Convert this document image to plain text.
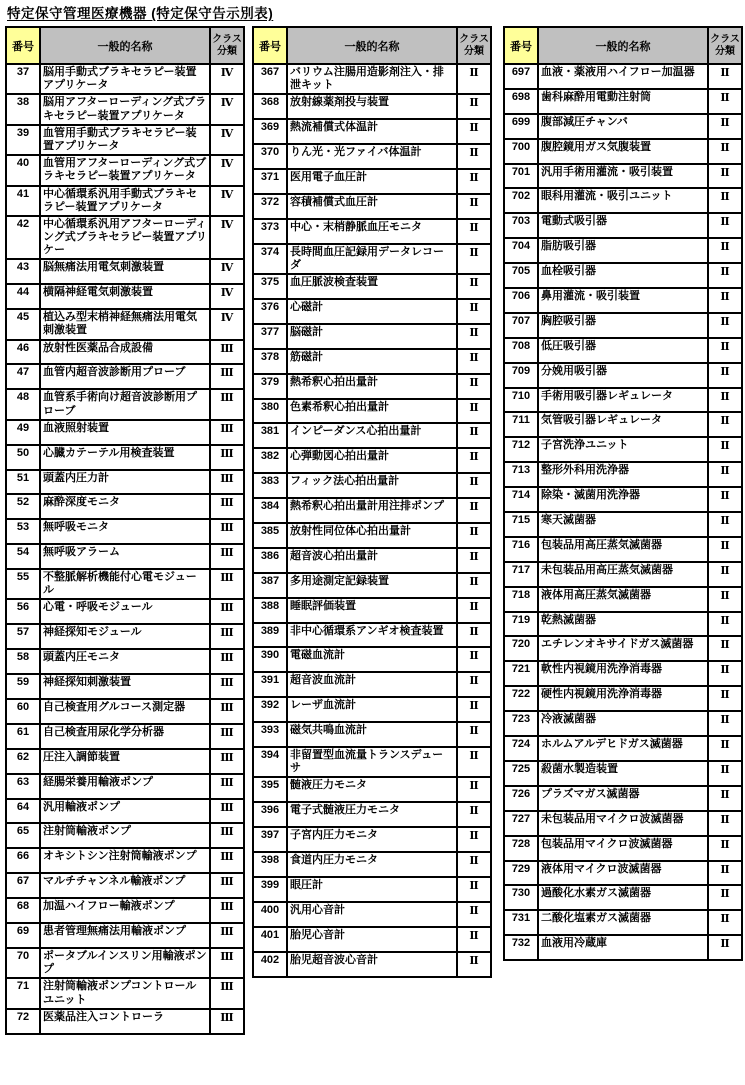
特定保守管理医療機器 (特定保守告示別表)
番号	一般的名称	クラス分類
37	脳用手動式ブラキセラピー装置アプリケータ	Ⅳ
38	脳用アフターローディング式ブラキセラピー装置アプリケータ	Ⅳ
39	血管用手動式ブラキセラピー装置アプリケータ	Ⅳ
40	血管用アフターローディング式ブラキセラピー装置アプリケータ	Ⅳ
41	中心循環系汎用手動式ブラキセラピー装置アプリケータ	Ⅳ
42	中心循環系汎用アフターローディング式ブラキセラピー装置アプリケー	Ⅳ
43	脳無痛法用電気刺激装置	Ⅳ
44	横隔神経電気刺激装置	Ⅳ
45	植込み型末梢神経無痛法用電気刺激装置	Ⅳ
46	放射性医薬品合成設備	Ⅲ
47	血管内超音波診断用プローブ	Ⅲ
48	血管系手術向け超音波診断用プローブ	Ⅲ
49	血液照射装置	Ⅲ
50	心臓カテーテル用検査装置	Ⅲ
51	頭蓋内圧力計	Ⅲ
52	麻酔深度モニタ	Ⅲ
53	無呼吸モニタ	Ⅲ
54	無呼吸アラーム	Ⅲ
55	不整脈解析機能付心電モジュール	Ⅲ
56	心電・呼吸モジュール	Ⅲ
57	神経探知モジュール	Ⅲ
58	頭蓋内圧モニタ	Ⅲ
59	神経探知刺激装置	Ⅲ
60	自己検査用グルコース測定器	Ⅲ
61	自己検査用尿化学分析器	Ⅲ
62	圧注入調節装置	Ⅲ
63	経腸栄養用輸液ポンプ	Ⅲ
64	汎用輸液ポンプ	Ⅲ
65	注射筒輸液ポンプ	Ⅲ
66	オキシトシン注射筒輸液ポンプ	Ⅲ
67	マルチチャンネル輸液ポンプ	Ⅲ
68	加温ハイフロー輸液ポンプ	Ⅲ
69	患者管理無痛法用輸液ポンプ	Ⅲ
70	ポータブルインスリン用輸液ポンプ	Ⅲ
71	注射筒輸液ポンプコントロールユニット	Ⅲ
72	医薬品注入コントローラ	Ⅲ
番号	一般的名称	クラス分類
367	バリウム注腸用造影剤注入・排泄キット	Ⅱ
368	放射線薬剤投与装置	Ⅱ
369	熱流補償式体温計	Ⅱ
370	りん光・光ファイバ体温計	Ⅱ
371	医用電子血圧計	Ⅱ
372	容積補償式血圧計	Ⅱ
373	中心・末梢静脈血圧モニタ	Ⅱ
374	長時間血圧記録用データレコーダ	Ⅱ
375	血圧脈波検査装置	Ⅱ
376	心磁計	Ⅱ
377	脳磁計	Ⅱ
378	筋磁計	Ⅱ
379	熱希釈心拍出量計	Ⅱ
380	色素希釈心拍出量計	Ⅱ
381	インピーダンス心拍出量計	Ⅱ
382	心弾動図心拍出量計	Ⅱ
383	フィック法心拍出量計	Ⅱ
384	熱希釈心拍出量計用注排ポンプ	Ⅱ
385	放射性同位体心拍出量計	Ⅱ
386	超音波心拍出量計	Ⅱ
387	多用途測定記録装置	Ⅱ
388	睡眠評価装置	Ⅱ
389	非中心循環系アンギオ検査装置	Ⅱ
390	電磁血流計	Ⅱ
391	超音波血流計	Ⅱ
392	レーザ血流計	Ⅱ
393	磁気共鳴血流計	Ⅱ
394	非留置型血流量トランスデューサ	Ⅱ
395	髄液圧力モニタ	Ⅱ
396	電子式髄液圧力モニタ	Ⅱ
397	子宮内圧力モニタ	Ⅱ
398	食道内圧力モニタ	Ⅱ
399	眼圧計	Ⅱ
400	汎用心音計	Ⅱ
401	胎児心音計	Ⅱ
402	胎児超音波心音計	Ⅱ
番号	一般的名称	クラス分類
697	血液・薬液用ハイフロー加温器	Ⅱ
698	歯科麻酔用電動注射筒	Ⅱ
699	腹部減圧チャンバ	Ⅱ
700	腹腔鏡用ガス気腹装置	Ⅱ
701	汎用手術用灌流・吸引装置	Ⅱ
702	眼科用灌流・吸引ユニット	Ⅱ
703	電動式吸引器	Ⅱ
704	脂肪吸引器	Ⅱ
705	血栓吸引器	Ⅱ
706	鼻用灌流・吸引装置	Ⅱ
707	胸腔吸引器	Ⅱ
708	低圧吸引器	Ⅱ
709	分娩用吸引器	Ⅱ
710	手術用吸引器レギュレータ	Ⅱ
711	気管吸引器レギュレータ	Ⅱ
712	子宮洗浄ユニット	Ⅱ
713	整形外科用洗浄器	Ⅱ
714	除染・滅菌用洗浄器	Ⅱ
715	寒天滅菌器	Ⅱ
716	包装品用高圧蒸気滅菌器	Ⅱ
717	未包装品用高圧蒸気滅菌器	Ⅱ
718	液体用高圧蒸気滅菌器	Ⅱ
719	乾熱滅菌器	Ⅱ
720	エチレンオキサイドガス滅菌器	Ⅱ
721	軟性内視鏡用洗浄消毒器	Ⅱ
722	硬性内視鏡用洗浄消毒器	Ⅱ
723	冷液滅菌器	Ⅱ
724	ホルムアルデヒドガス滅菌器	Ⅱ
725	殺菌水製造装置	Ⅱ
726	プラズマガス滅菌器	Ⅱ
727	未包装品用マイクロ波滅菌器	Ⅱ
728	包装品用マイクロ波滅菌器	Ⅱ
729	液体用マイクロ波滅菌器	Ⅱ
730	過酸化水素ガス滅菌器	Ⅱ
731	二酸化塩素ガス滅菌器	Ⅱ
732	血液用冷蔵庫	Ⅱ
